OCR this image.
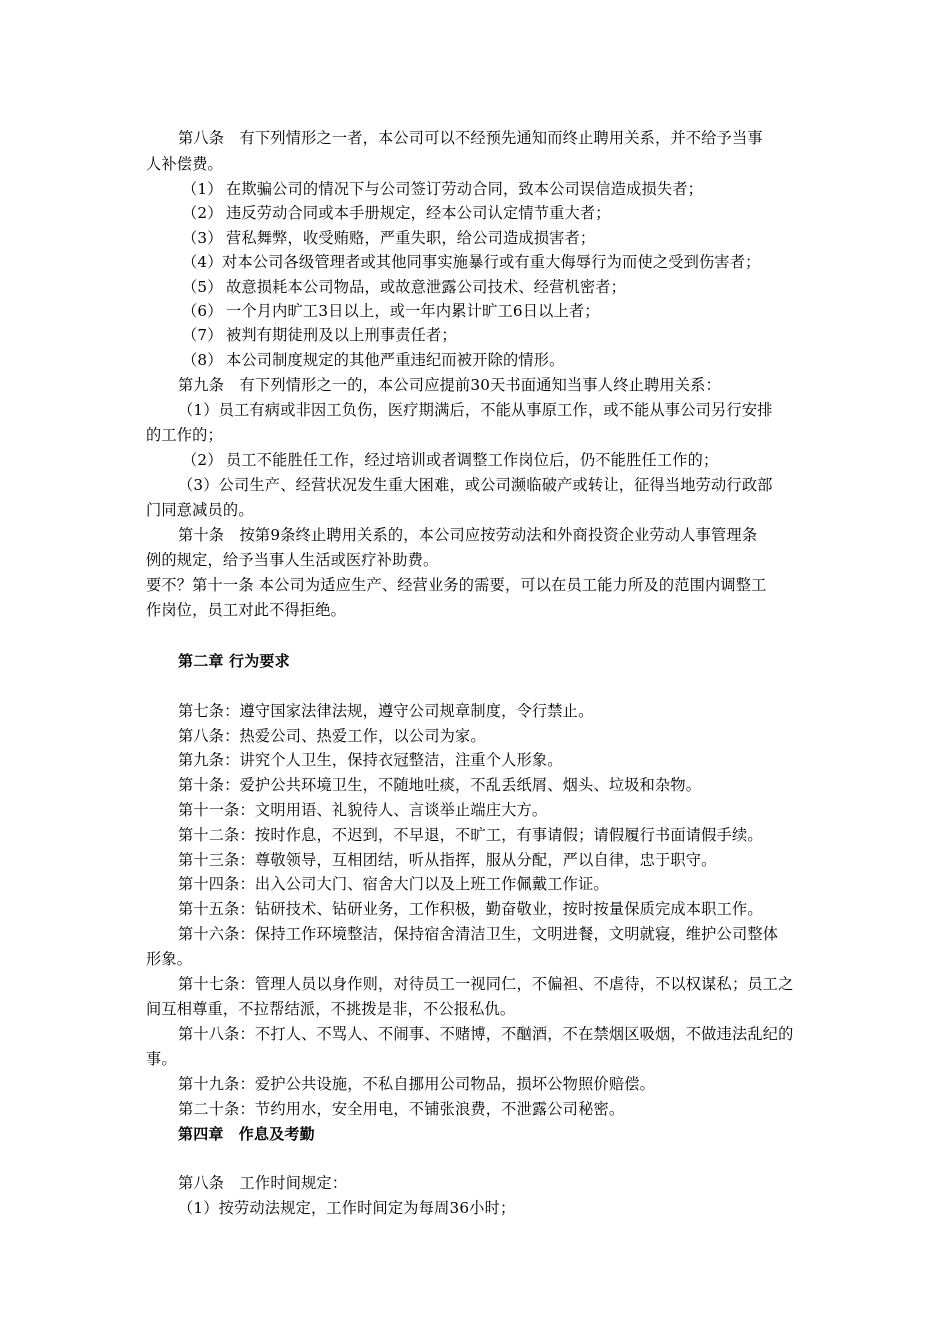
第八条　有下列情形之一者，本公司可以不经预先通知而终止聘用关系，并不给予当事
人补偿费。
（1） 在欺骗公司的情况下与公司签订劳动合同，致本公司误信造成损失者；
（2） 违反劳动合同或本手册规定，经本公司认定情节重大者；
（3） 营私舞弊，收受贿赂，严重失职，给公司造成损害者；
（4）对本公司各级管理者或其他同事实施暴行或有重大侮辱行为而使之受到伤害者；
（5） 故意损耗本公司物品，或故意泄露公司技术、经营机密者；
（6） 一个月内旷工3日以上，或一年内累计旷工6日以上者；
（7） 被判有期徒刑及以上刑事责任者；
（8） 本公司制度规定的其他严重违纪而被开除的情形。
第九条　有下列情形之一的，本公司应提前30天书面通知当事人终止聘用关系：
（1）员工有病或非因工负伤，医疗期满后，不能从事原工作，或不能从事公司另行安排
的工作的；
（2） 员工不能胜任工作，经过培训或者调整工作岗位后，仍不能胜任工作的；
（3）公司生产、经营状况发生重大困难，或公司濒临破产或转让，征得当地劳动行政部
门同意减员的。
第十条　按第9条终止聘用关系的，本公司应按劳动法和外商投资企业劳动人事管理条
例的规定，给予当事人生活或医疗补助费。
要不？第十一条 本公司为适应生产、经营业务的需要，可以在员工能力所及的范围内调整工
作岗位，员工对此不得拒绝。
第二章 行为要求
第七条：遵守国家法律法规，遵守公司规章制度，令行禁止。
第八条：热爱公司、热爱工作，以公司为家。
第九条：讲究个人卫生，保持衣冠整洁，注重个人形象。
第十条：爱护公共环境卫生，不随地吐痰，不乱丢纸屑、烟头、垃圾和杂物。
第十一条：文明用语、礼貌待人、言谈举止端庄大方。
第十二条：按时作息，不迟到，不早退，不旷工，有事请假；请假履行书面请假手续。
第十三条：尊敬领导，互相团结，听从指挥，服从分配，严以自律，忠于职守。
第十四条：出入公司大门、宿舍大门以及上班工作佩戴工作证。
第十五条：钻研技术、钻研业务，工作积极，勤奋敬业，按时按量保质完成本职工作。
第十六条：保持工作环境整洁，保持宿舍清洁卫生，文明进餐，文明就寝，维护公司整体
形象。
第十七条：管理人员以身作则，对待员工一视同仁，不偏袒、不虐待，不以权谋私；员工之
间互相尊重，不拉帮结派，不挑拨是非，不公报私仇。
第十八条：不打人、不骂人、不闹事、不赌博，不酗酒，不在禁烟区吸烟，不做违法乱纪的
事。
第十九条：爱护公共设施，不私自挪用公司物品，损坏公物照价赔偿。
第二十条：节约用水，安全用电，不铺张浪费，不泄露公司秘密。
第四章　作息及考勤
第八条　工作时间规定：
（1）按劳动法规定，工作时间定为每周36小时；
